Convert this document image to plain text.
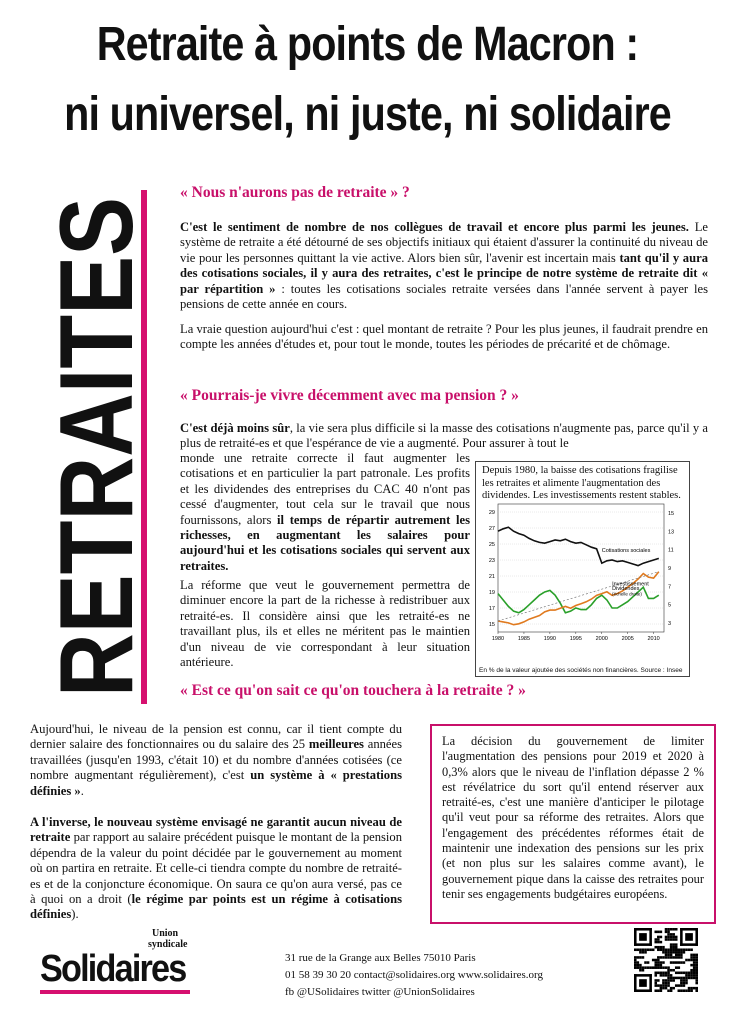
Retraite à points de Macron :
ni universel, ni juste, ni solidaire
RETRAITES « Nous n'aurons pas de retraite » ?
C'est le sentiment de nombre de nos collègues de travail et encore plus parmi les jeunes. Le système de retraite a été détourné de ses objectifs initiaux qui étaient d'assurer la continuité du niveau de vie pour les personnes quittant la vie active. Alors bien sûr, l'avenir est incertain mais tant qu'il y aura des cotisations sociales, il y aura des retraites, c'est le principe de notre système de retraite dit « par répartition » : toutes les cotisations sociales retraite versées dans l'année servent à payer les pensions de cette année en cours.
La vraie question aujourd'hui c'est : quel montant de retraite ? Pour les plus jeunes, il faudrait prendre en compte les années d'études et, pour tout le monde, toutes les périodes de précarité et de chômage.
« Pourrais-je vivre décemment avec ma pension ? »
C'est déjà moins sûr, la vie sera plus difficile si la masse des cotisations n'augmente pas, parce qu'il y a plus de retraité-es et que l'espérance de vie a augmenté. Pour assurer à tout le
monde une retraite correcte il faut augmenter les cotisations et en particulier la part patronale. Les profits et les dividendes des entreprises du CAC 40 n'ont pas cessé d'augmenter, tout cela sur le travail que nous fournissons, alors il temps de répartir autrement les richesses, en augmentant les salaires pour aujourd'hui et les cotisations sociales qui servent aux retraites.
La réforme que veut le gouvernement permettra de diminuer encore la part de la richesse à redistribuer aux retraité-es. Il considère ainsi que les retraité-es ne travaillant plus, ils et elles ne méritent pas le maintien d'un niveau de vie correspondant à leur situation antérieure.
Depuis 1980, la baisse des cotisations fragilise les retraites et alimente l'augmentation des dividendes. Les investissements restent stables.
29
27
25
23
21
19
17
15
15
13
11
9
7
5
3
1980 1985 1990 1995 2000 2005 2010
Cotisations sociales
Investissement
Dividendes
(échelle droite)
En % de la valeur ajoutée des sociétés non financières. Source : Insee
« Est ce qu'on sait ce qu'on touchera à la retraite ? »
Aujourd'hui, le niveau de la pension est connu, car il tient compte du dernier salaire des fonctionnaires ou du salaire des 25 meilleures années travaillées (jusqu'en 1993, c'était 10) et du nombre d'années cotisées (ce nombre augmentant régulièrement), c'est un système à « prestations définies ».
A l'inverse, le nouveau système envisagé ne garantit aucun niveau de retraite par rapport au salaire précédent puisque le montant de la pension dépendra de la valeur du point décidée par le gouvernement au moment où on partira en retraite. Et celle-ci tiendra compte du nombre de retraité-es et de la conjoncture économique. On saura ce qu'on aura versé, pas ce à quoi on a droit (le régime par points est un régime à cotisations définies).
La décision du gouvernement de limiter l'augmentation des pensions pour 2019 et 2020 à 0,3% alors que le niveau de l'inflation dépasse 2 % est révélatrice du sort qu'il entend réserver aux retraité-es, c'est une manière d'anticiper le pilotage qu'il veut pour sa réforme des retraites. Alors que l'engagement des précédentes réformes était de maintenir une indexation des pensions sur les prix (et non plus sur les salaires comme avant), le gouvernement pique dans la caisse des retraites pour tenir ses engagements budgétaires européens.
Union
syndicale
Solidaires	31 rue de la Grange aux Belles 75010 Paris
01 58 39 30 20 contact@solidaires.org www.solidaires.org
fb @USolidaires twitter @UnionSolidaires
